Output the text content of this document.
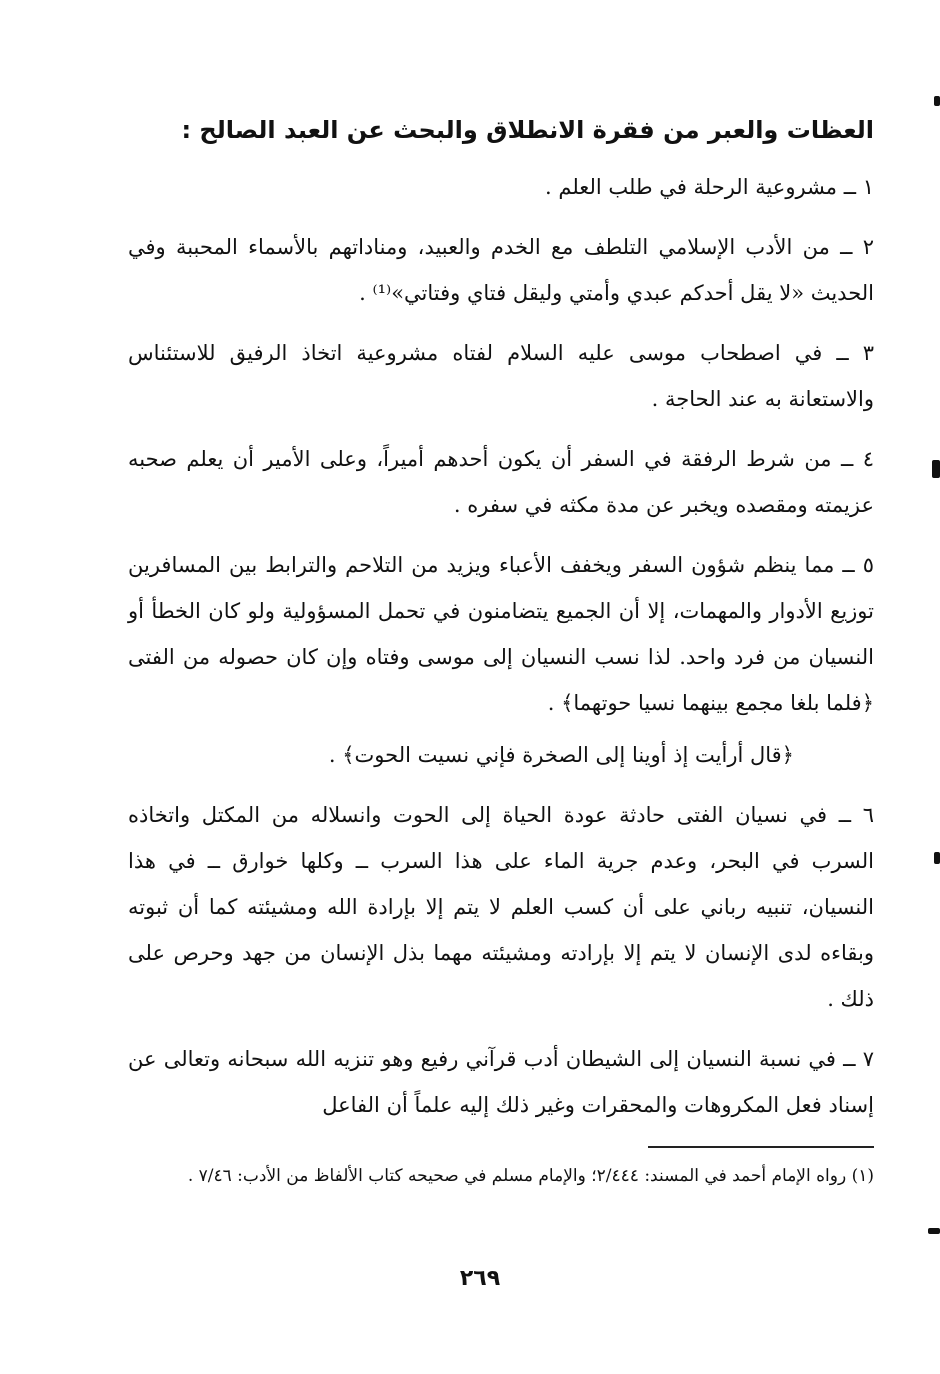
العظات والعبر من فقرة الانطلاق والبحث عن العبد الصالح :

١ ــ مشروعية الرحلة في طلب العلم .

٢ ــ من الأدب الإسلامي التلطف مع الخدم والعبيد، ومناداتهم بالأسماء المحببة وفي الحديث «لا يقل أحدكم عبدي وأمتي وليقل فتاي وفتاتي»⁽¹⁾ .

٣ ــ في اصطحاب موسى عليه السلام لفتاه مشروعية اتخاذ الرفيق للاستئناس والاستعانة به عند الحاجة .

٤ ــ من شرط الرفقة في السفر أن يكون أحدهم أميراً، وعلى الأمير أن يعلم صحبه عزيمته ومقصده ويخبر عن مدة مكثه في سفره .

٥ ــ مما ينظم شؤون السفر ويخفف الأعباء ويزيد من التلاحم والترابط بين المسافرين توزيع الأدوار والمهمات، إلا أن الجميع يتضامنون في تحمل المسؤولية ولو كان الخطأ أو النسيان من فرد واحد. لذا نسب النسيان إلى موسى وفتاه وإن كان حصوله من الفتى ﴿فلما بلغا مجمع بينهما نسيا حوتهما﴾ .

﴿قال أرأيت إذ أوينا إلى الصخرة فإني نسيت الحوت﴾ .

٦ ــ في نسيان الفتى حادثة عودة الحياة إلى الحوت وانسلاله من المكتل واتخاذه السرب في البحر، وعدم جرية الماء على هذا السرب ــ وكلها خوارق ــ في هذا النسيان، تنبيه رباني على أن كسب العلم لا يتم إلا بإرادة الله ومشيئته كما أن ثبوته وبقاءه لدى الإنسان لا يتم إلا بإرادته ومشيئته مهما بذل الإنسان من جهد وحرص على ذلك .

٧ ــ في نسبة النسيان إلى الشيطان أدب قرآني رفيع وهو تنزيه الله سبحانه وتعالى عن إسناد فعل المكروهات والمحقرات وغير ذلك إليه علماً أن الفاعل

(١) رواه الإمام أحمد في المسند: ٢/٤٤٤؛ والإمام مسلم في صحيحه كتاب الألفاظ من الأدب: ٧/٤٦ .
٢٦٩
